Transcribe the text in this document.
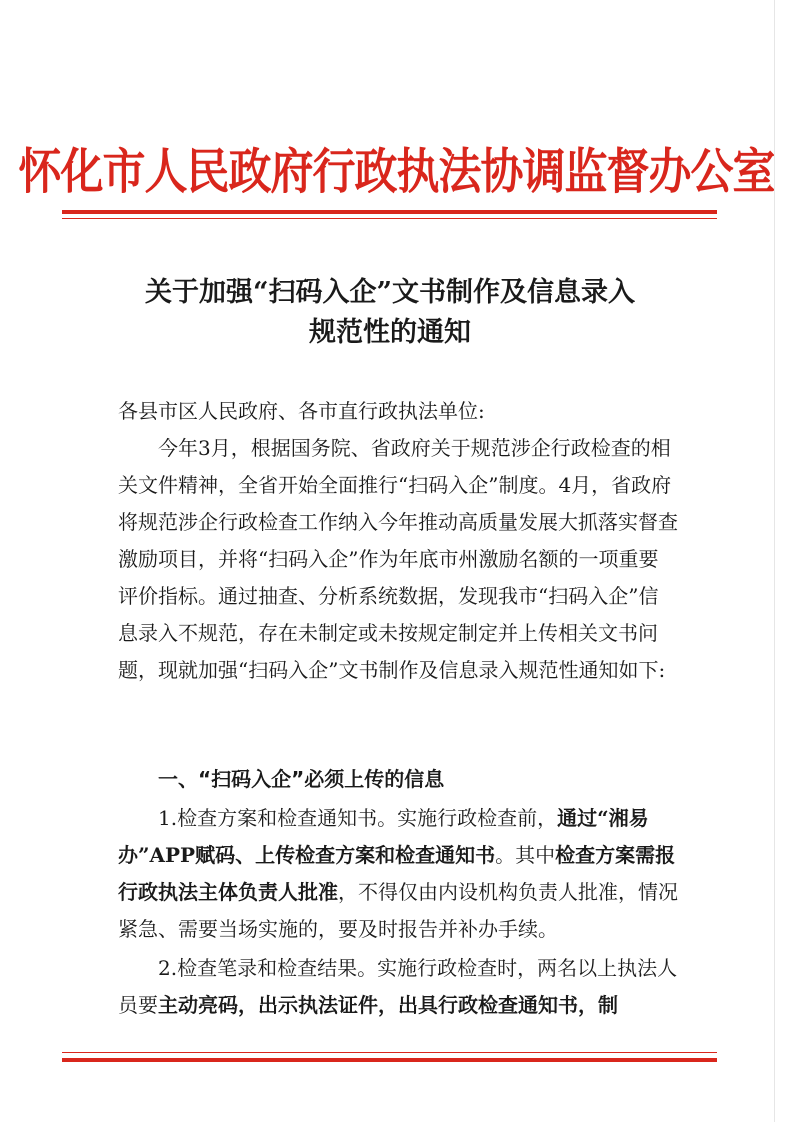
怀化市人民政府行政执法协调监督办公室
关于加强“扫码入企”文书制作及信息录入
规范性的通知
各县市区人民政府、各市直行政执法单位:
今年3月，根据国务院、省政府关于规范涉企行政检查的相关文件精神，全省开始全面推行“扫码入企”制度。4月，省政府将规范涉企行政检查工作纳入今年推动高质量发展大抓落实督查激励项目，并将“扫码入企”作为年底市州激励名额的一项重要评价指标。通过抽查、分析系统数据，发现我市“扫码入企”信息录入不规范，存在未制定或未按规定制定并上传相关文书问题，现就加强“扫码入企”文书制作及信息录入规范性通知如下:
一、“扫码入企”必须上传的信息
1.检查方案和检查通知书。实施行政检查前，通过“湘易办”APP赋码、上传检查方案和检查通知书。其中检查方案需报行政执法主体负责人批准，不得仅由内设机构负责人批准，情况紧急、需要当场实施的，要及时报告并补办手续。
2.检查笔录和检查结果。实施行政检查时，两名以上执法人员要主动亮码，出示执法证件，出具行政检查通知书，制
